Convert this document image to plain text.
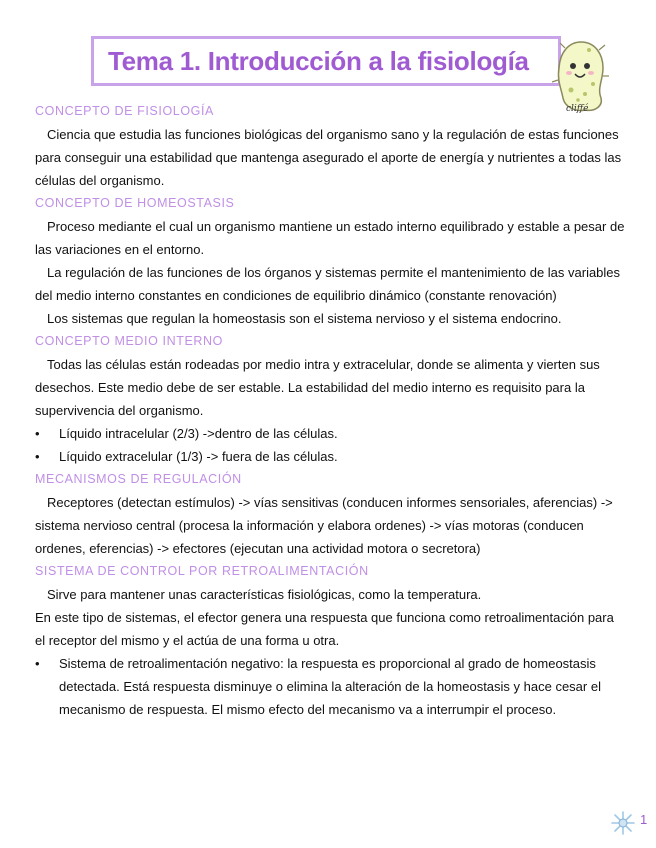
Tema 1. Introducción a la fisiología
cliffé

CONCEPTO DE FISIOLOGÍA

Ciencia que estudia las funciones biológicas del organismo sano y la regulación de estas funciones para conseguir una estabilidad que mantenga asegurado el aporte de energía y nutrientes a todas las células del organismo.

CONCEPTO DE HOMEOSTASIS

Proceso mediante el cual un organismo mantiene un estado interno equilibrado y estable a pesar de las variaciones en el entorno.

La regulación de las funciones de los órganos y sistemas permite el mantenimiento de las variables del medio interno constantes en condiciones de equilibrio dinámico (constante renovación)

Los sistemas que regulan la homeostasis son el sistema nervioso y el sistema endocrino.

CONCEPTO MEDIO INTERNO

Todas las células están rodeadas por medio intra y extracelular, donde se alimenta y vierten sus desechos. Este medio debe de ser estable. La estabilidad del medio interno es requisito para la supervivencia del organismo.

• Líquido intracelular (2/3) ->dentro de las células.
• Líquido extracelular (1/3) -> fuera de las células.

MECANISMOS DE REGULACIÓN

Receptores (detectan estímulos) -> vías sensitivas (conducen informes sensoriales, aferencias) -> sistema nervioso central (procesa la información y elabora ordenes) -> vías motoras (conducen ordenes, eferencias) -> efectores (ejecutan una actividad motora o secretora)

SISTEMA DE CONTROL POR RETROALIMENTACIÓN

Sirve para mantener unas características fisiológicas, como la temperatura.

En este tipo de sistemas, el efector genera una respuesta que funciona como retroalimentación para el receptor del mismo y el actúa de una forma u otra.

• Sistema de retroalimentación negativo: la respuesta es proporcional al grado de homeostasis detectada. Está respuesta disminuye o elimina la alteración de la homeostasis y hace cesar el mecanismo de respuesta. El mismo efecto del mecanismo va a interrumpir el proceso.
1
